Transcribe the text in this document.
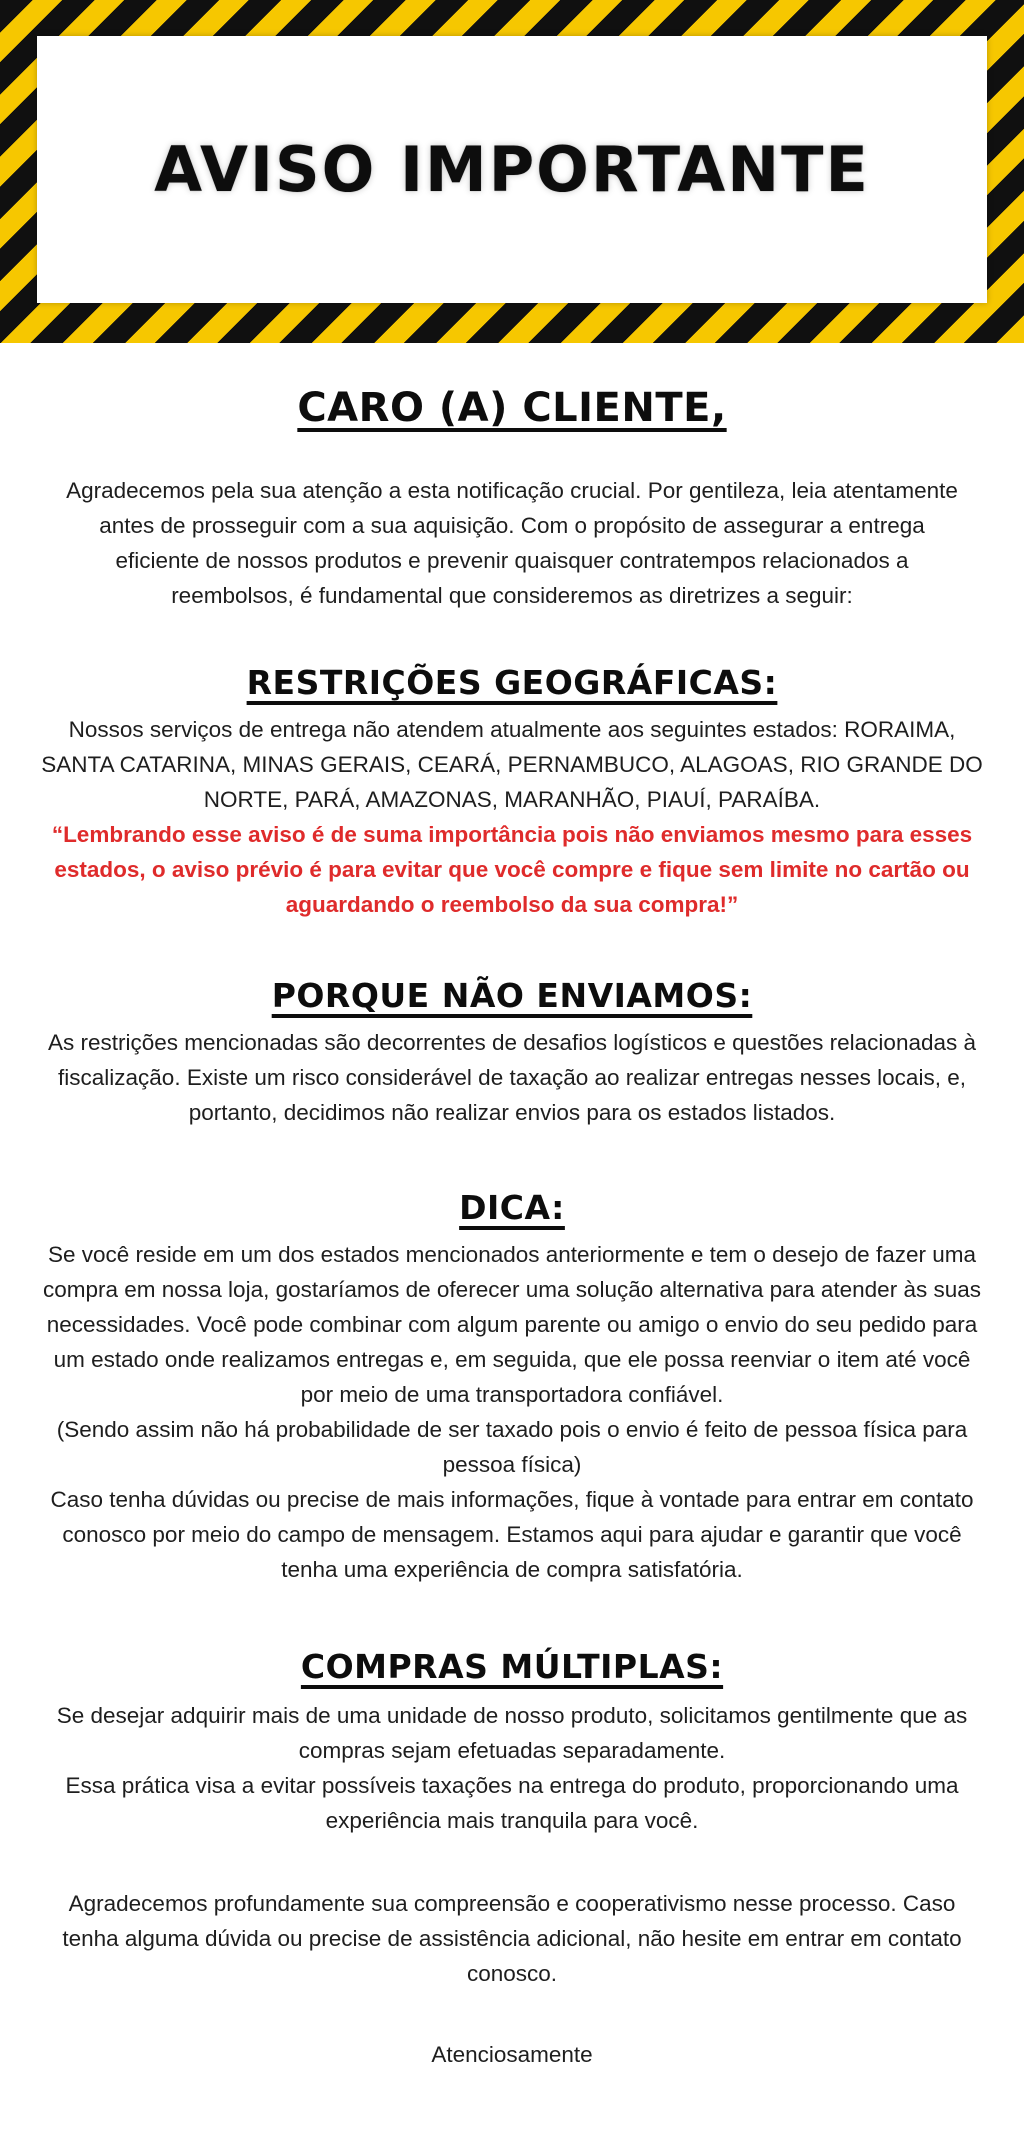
AVISO IMPORTANTE
CARO (A) CLIENTE,

Agradecemos pela sua atenção a esta notificação crucial. Por gentileza, leia atentamente antes de prosseguir com a sua aquisição. Com o propósito de assegurar a entrega eficiente de nossos produtos e prevenir quaisquer contratempos relacionados a reembolsos, é fundamental que consideremos as diretrizes a seguir:

RESTRIÇÕES GEOGRÁFICAS:

Nossos serviços de entrega não atendem atualmente aos seguintes estados: RORAIMA, SANTA CATARINA, MINAS GERAIS, CEARÁ, PERNAMBUCO, ALAGOAS, RIO GRANDE DO NORTE, PARÁ, AMAZONAS, MARANHÃO, PIAUÍ, PARAÍBA.

“Lembrando esse aviso é de suma importância pois não enviamos mesmo para esses estados, o aviso prévio é para evitar que você compre e fique sem limite no cartão ou aguardando o reembolso da sua compra!”

PORQUE NÃO ENVIAMOS:

As restrições mencionadas são decorrentes de desafios logísticos e questões relacionadas à fiscalização. Existe um risco considerável de taxação ao realizar entregas nesses locais, e, portanto, decidimos não realizar envios para os estados listados.

DICA:

Se você reside em um dos estados mencionados anteriormente e tem o desejo de fazer uma compra em nossa loja, gostaríamos de oferecer uma solução alternativa para atender às suas necessidades. Você pode combinar com algum parente ou amigo o envio do seu pedido para um estado onde realizamos entregas e, em seguida, que ele possa reenviar o item até você por meio de uma transportadora confiável.

(Sendo assim não há probabilidade de ser taxado pois o envio é feito de pessoa física para pessoa física)

Caso tenha dúvidas ou precise de mais informações, fique à vontade para entrar em contato conosco por meio do campo de mensagem. Estamos aqui para ajudar e garantir que você tenha uma experiência de compra satisfatória.

COMPRAS MÚLTIPLAS:

Se desejar adquirir mais de uma unidade de nosso produto, solicitamos gentilmente que as compras sejam efetuadas separadamente.

Essa prática visa a evitar possíveis taxações na entrega do produto, proporcionando uma experiência mais tranquila para você.

Agradecemos profundamente sua compreensão e cooperativismo nesse processo. Caso tenha alguma dúvida ou precise de assistência adicional, não hesite em entrar em contato conosco.

Atenciosamente
